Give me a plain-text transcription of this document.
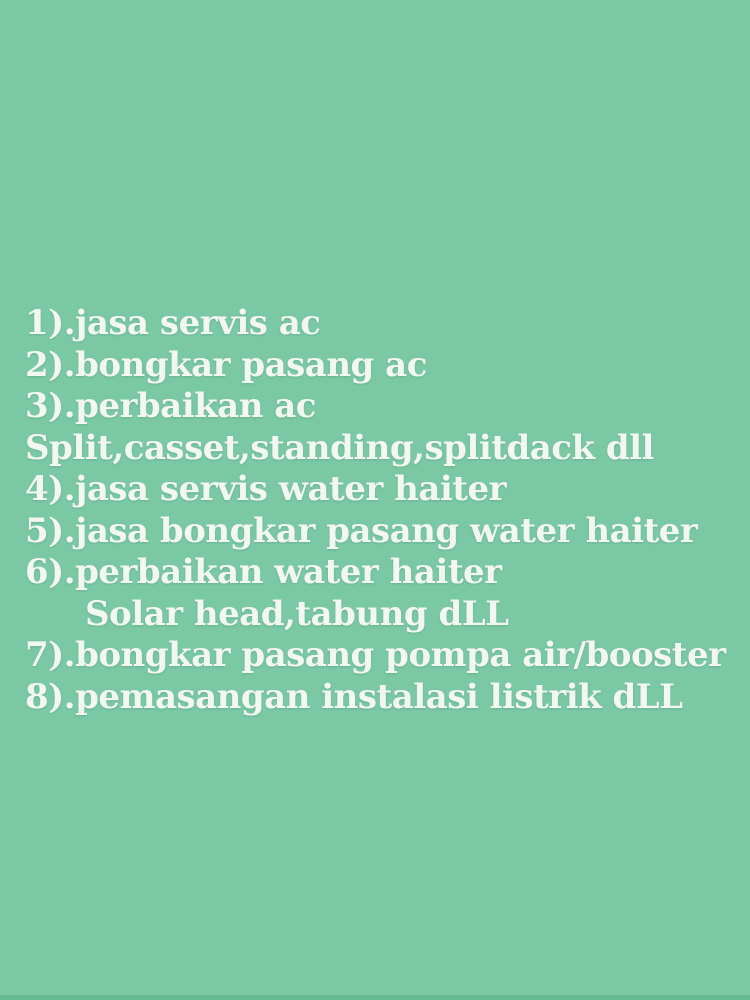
1).jasa servis ac
2).bongkar pasang ac
3).perbaikan ac
Split,casset,standing,splitdack dll
4).jasa servis water haiter
5).jasa bongkar pasang water haiter
6).perbaikan water haiter
Solar head,tabung dLL
7).bongkar pasang pompa air/booster
8).pemasangan instalasi listrik dLL
